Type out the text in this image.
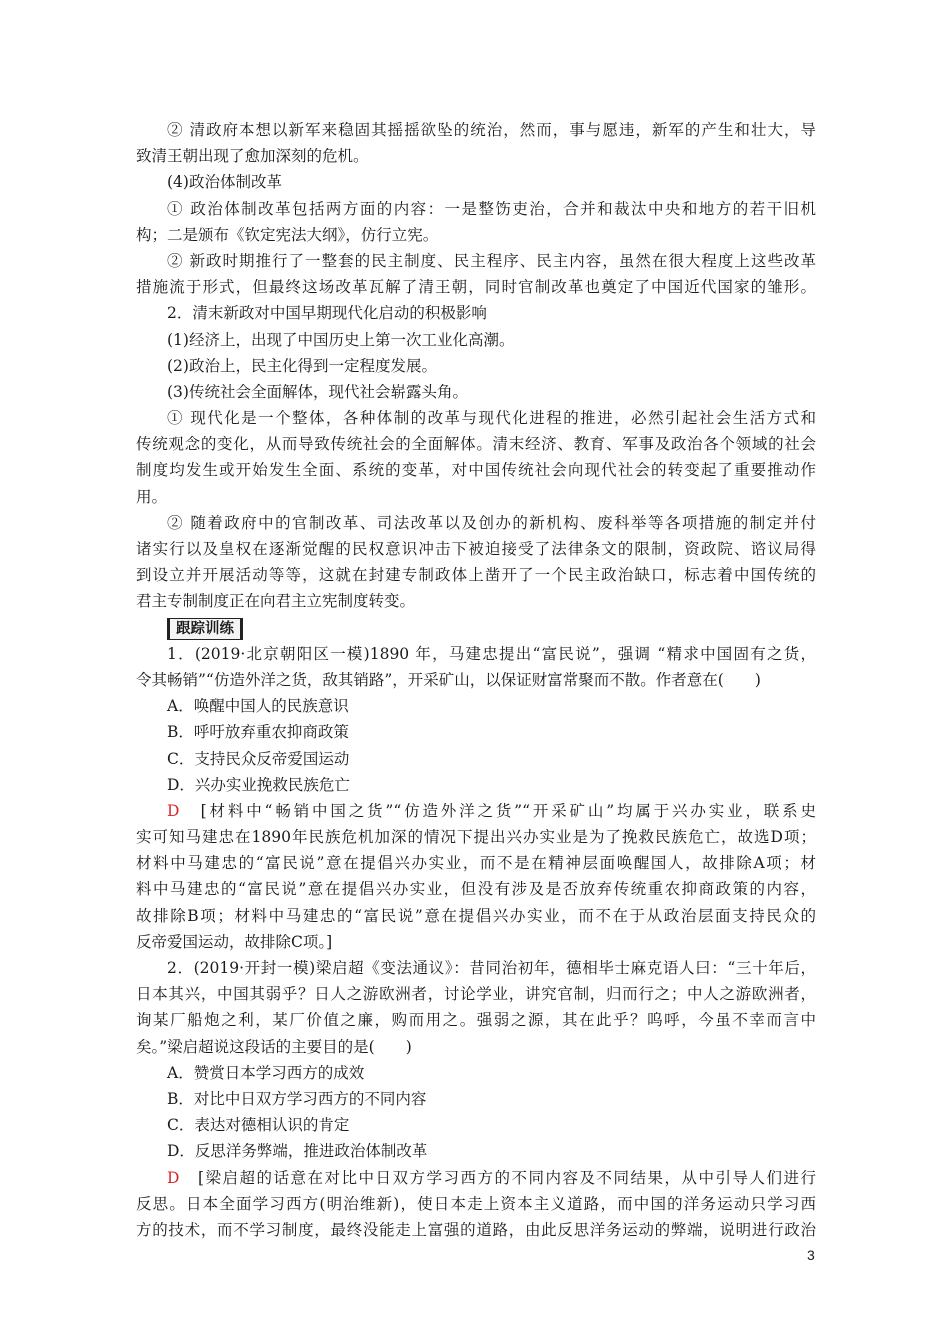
② 清政府本想以新军来稳固其摇摇欲坠的统治，然而，事与愿违，新军的产生和壮大，导
致清王朝出现了愈加深刻的危机。
(4)政治体制改革
① 政治体制改革包括两方面的内容：一是整饬吏治，合并和裁汰中央和地方的若干旧机
构；二是颁布《钦定宪法大纲》，仿行立宪。
② 新政时期推行了一整套的民主制度、民主程序、民主内容，虽然在很大程度上这些改革
措施流于形式，但最终这场改革瓦解了清王朝，同时官制改革也奠定了中国近代国家的雏形。
2．清末新政对中国早期现代化启动的积极影响
(1)经济上，出现了中国历史上第一次工业化高潮。
(2)政治上，民主化得到一定程度发展。
(3)传统社会全面解体，现代社会崭露头角。
① 现代化是一个整体，各种体制的改革与现代化进程的推进，必然引起社会生活方式和
传统观念的变化，从而导致传统社会的全面解体。清末经济、教育、军事及政治各个领域的社会
制度均发生或开始发生全面、系统的变革，对中国传统社会向现代社会的转变起了重要推动作
用。
② 随着政府中的官制改革、司法改革以及创办的新机构、废科举等各项措施的制定并付
诸实行以及皇权在逐渐觉醒的民权意识冲击下被迫接受了法律条文的限制，资政院、谘议局得
到设立并开展活动等等，这就在封建专制政体上凿开了一个民主政治缺口，标志着中国传统的
君主专制制度正在向君主立宪制度转变。
跟踪训练
1．(2019·北京朝阳区一模)1890 年，马建忠提出“富民说”，强调 “精求中国固有之货，
令其畅销”“仿造外洋之货，敌其销路”，开采矿山，以保证财富常聚而不散。作者意在(　　)
A．唤醒中国人的民族意识
B．呼吁放弃重农抑商政策
C．支持民众反帝爱国运动
D．兴办实业挽救民族危亡
D　[材料中“畅销中国之货”“仿造外洋之货”“开采矿山”均属于兴办实业，联系史
实可知马建忠在1890年民族危机加深的情况下提出兴办实业是为了挽救民族危亡，故选D项；
材料中马建忠的“富民说”意在提倡兴办实业，而不是在精神层面唤醒国人，故排除A项；材
料中马建忠的“富民说”意在提倡兴办实业，但没有涉及是否放弃传统重农抑商政策的内容，
故排除B项；材料中马建忠的“富民说”意在提倡兴办实业，而不在于从政治层面支持民众的
反帝爱国运动，故排除C项。]
2．(2019·开封一模)梁启超《变法通议》：昔同治初年，德相毕士麻克语人曰：“三十年后，
日本其兴，中国其弱乎？日人之游欧洲者，讨论学业，讲究官制，归而行之；中人之游欧洲者，
询某厂船炮之利，某厂价值之廉，购而用之。强弱之源，其在此乎？呜呼，今虽不幸而言中
矣。”梁启超说这段话的主要目的是(　　)
A．赞赏日本学习西方的成效
B．对比中日双方学习西方的不同内容
C．表达对德相认识的肯定
D．反思洋务弊端，推进政治体制改革
D　[梁启超的话意在对比中日双方学习西方的不同内容及不同结果，从中引导人们进行
反思。日本全面学习西方(明治维新)，使日本走上资本主义道路，而中国的洋务运动只学习西
方的技术，而不学习制度，最终没能走上富强的道路，由此反思洋务运动的弊端，说明进行政治
3
